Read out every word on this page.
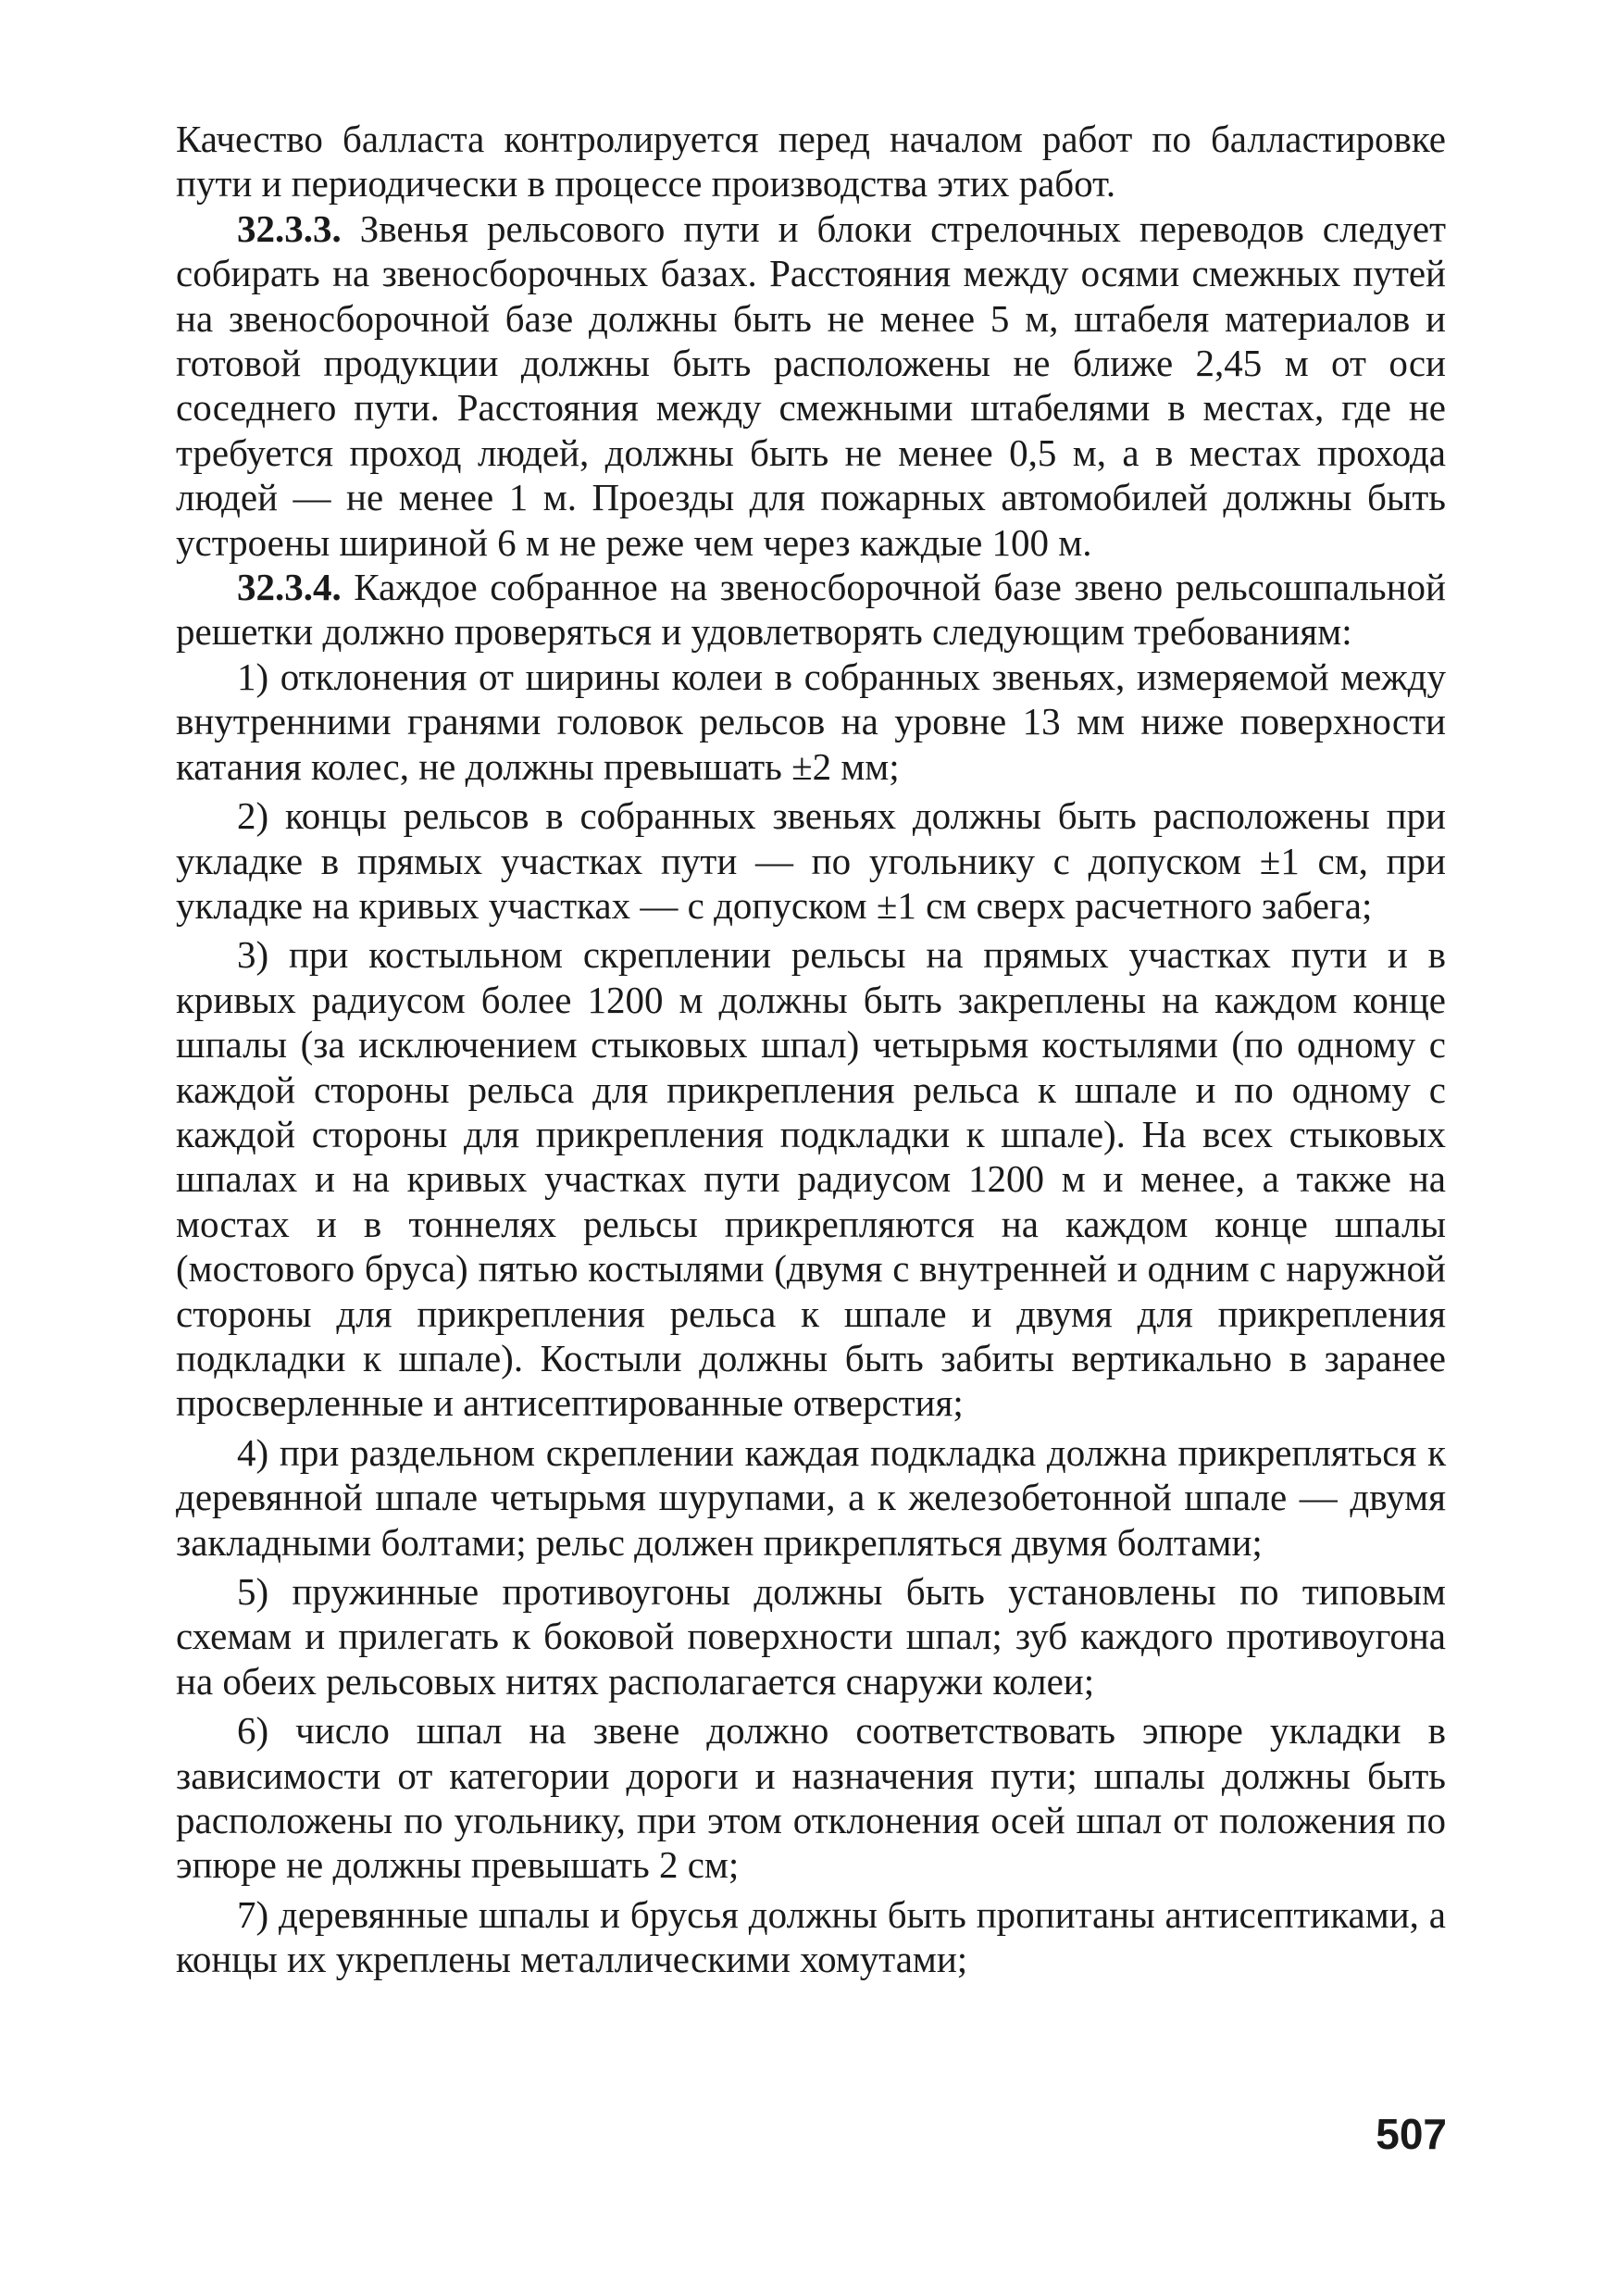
Качество балласта контролируется перед началом работ по балластировке пути и периодически в процессе производства этих работ.

32.3.3. Звенья рельсового пути и блоки стрелочных переводов следует собирать на звеносборочных базах. Расстояния между осями смежных путей на звеносборочной базе должны быть не менее 5 м, штабеля материалов и готовой продукции должны быть расположены не ближе 2,45 м от оси соседнего пути. Расстояния между смежными штабелями в местах, где не требуется проход людей, должны быть не менее 0,5 м, а в местах прохода людей — не менее 1 м. Проезды для пожарных автомобилей должны быть устроены шириной 6 м не реже чем через каждые 100 м.

32.3.4. Каждое собранное на звеносборочной базе звено рельсошпальной решетки должно проверяться и удовлетворять следующим требованиям:

1) отклонения от ширины колеи в собранных звеньях, измеряемой между внутренними гранями головок рельсов на уровне 13 мм ниже поверхности катания колес, не должны превышать ±2 мм;

2) концы рельсов в собранных звеньях должны быть расположены при укладке в прямых участках пути — по угольнику с допуском ±1 см, при укладке на кривых участках — с допуском ±1 см сверх расчетного забега;

3) при костыльном скреплении рельсы на прямых участках пути и в кривых радиусом более 1200 м должны быть закреплены на каждом конце шпалы (за исключением стыковых шпал) четырьмя костылями (по одному с каждой стороны рельса для прикрепления рельса к шпале и по одному с каждой стороны для прикрепления подкладки к шпале). На всех стыковых шпалах и на кривых участках пути радиусом 1200 м и менее, а также на мостах и в тоннелях рельсы прикрепляются на каждом конце шпалы (мостового бруса) пятью костылями (двумя с внутренней и одним с наружной стороны для прикрепления рельса к шпале и двумя для прикрепления подкладки к шпале). Костыли должны быть забиты вертикально в заранее просверленные и антисептированные отверстия;

4) при раздельном скреплении каждая подкладка должна прикрепляться к деревянной шпале четырьмя шурупами, а к железобетонной шпале — двумя закладными болтами; рельс должен прикрепляться двумя болтами;

5) пружинные противоугоны должны быть установлены по типовым схемам и прилегать к боковой поверхности шпал; зуб каждого противоугона на обеих рельсовых нитях располагается снаружи колеи;

6) число шпал на звене должно соответствовать эпюре укладки в зависимости от категории дороги и назначения пути; шпалы должны быть расположены по угольнику, при этом отклонения осей шпал от положения по эпюре не должны превышать 2 см;

7) деревянные шпалы и брусья должны быть пропитаны антисептиками, а концы их укреплены металлическими хомутами;

507
